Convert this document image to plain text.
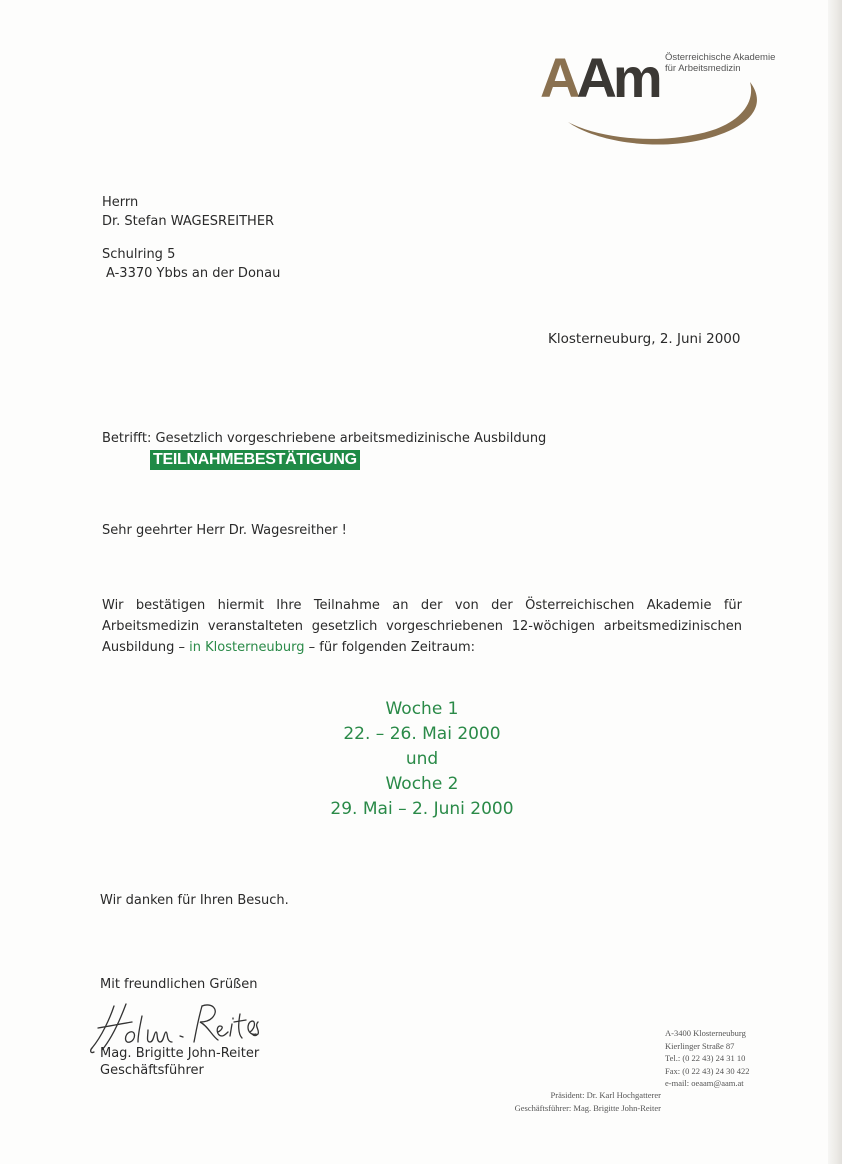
AAm Österreichische Akademie
für Arbeitsmedizin
Herrn
Dr. Stefan WAGESREITHER
Schulring 5
A-3370 Ybbs an der Donau
Klosterneuburg, 2. Juni 2000
Betrifft: Gesetzlich vorgeschriebene arbeitsmedizinische Ausbildung
TEILNAHMEBESTÄTIGUNG
Sehr geehrter Herr Dr. Wagesreither !
Wir bestätigen hiermit Ihre Teilnahme an der von der Österreichischen Akademie für Arbeitsmedizin veranstalteten gesetzlich vorgeschriebenen 12-wöchigen arbeitsmedizinischen Ausbildung – in Klosterneuburg – für folgenden Zeitraum:
Woche 1
22. – 26. Mai 2000
und
Woche 2
29. Mai – 2. Juni 2000
Wir danken für Ihren Besuch.
Mit freundlichen Grüßen
Mag. Brigitte John-Reiter
Geschäftsführer
A-3400 Klosterneuburg
Kierlinger Straße 87
Tel.: (0 22 43) 24 31 10
Fax: (0 22 43) 24 30 422
e-mail: oeaam@aam.at
Präsident: Dr. Karl Hochgatterer
Geschäftsführer: Mag. Brigitte John-Reiter
